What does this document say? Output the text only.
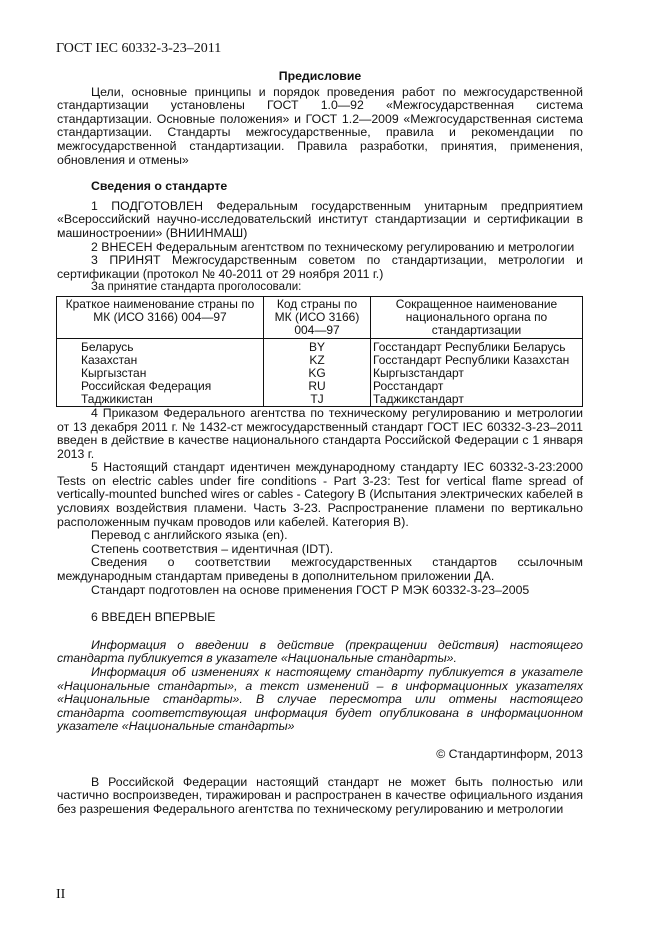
ГОСТ IEC 60332-3-23–2011
Предисловие

Цели, основные принципы и порядок проведения работ по межгосударственной стандартизации установлены ГОСТ 1.0—92 «Межгосударственная система стандартизации. Основные положения» и ГОСТ 1.2—2009 «Межгосударственная система стандартизации. Стандарты межгосударственные, правила и рекомендации по межгосударственной стандартизации. Правила разработки, принятия, применения, обновления и отмены»

Сведения о стандарте

1 ПОДГОТОВЛЕН Федеральным государственным унитарным предприятием «Всероссийский научно-исследовательский институт стандартизации и сертификации в машиностроении» (ВНИИНМАШ)

2 ВНЕСЕН Федеральным агентством по техническому регулированию и метрологии

3 ПРИНЯТ Межгосударственным советом по стандартизации, метрологии и сертификации (протокол № 40-2011 от 29 ноября 2011 г.)

За принятие стандарта проголосовали:

Краткое наименование страны по МК (ИСО 3166) 004—97	Код страны по МК (ИСО 3166) 004—97	Сокращенное наименование национального органа по стандартизации
Беларусь	BY	Госстандарт Республики Беларусь
Казахстан	KZ	Госстандарт Республики Казахстан
Кыргызстан	KG	Кыргызстандарт
Российская Федерация	RU	Росстандарт
Таджикистан	TJ	Таджикстандарт

4 Приказом Федерального агентства по техническому регулированию и метрологии от 13 декабря 2011 г. № 1432-ст межгосударственный стандарт ГОСТ IEC 60332-3-23–2011 введен в действие в качестве национального стандарта Российской Федерации с 1 января 2013 г.

5 Настоящий стандарт идентичен международному стандарту IEC 60332-3-23:2000 Tests on electric cables under fire conditions - Part 3-23: Test for vertical flame spread of vertically-mounted bunched wires or cables - Category B (Испытания электрических кабелей в условиях воздействия пламени. Часть 3-23. Распространение пламени по вертикально расположенным пучкам проводов или кабелей. Категория В).

Перевод с английского языка (en).

Степень соответствия – идентичная (IDT).

Сведения о соответствии межгосударственных стандартов ссылочным международным стандартам приведены в дополнительном приложении ДА.

Стандарт подготовлен на основе применения ГОСТ Р МЭК 60332-3-23–2005

6 ВВЕДЕН ВПЕРВЫЕ

Информация о введении в действие (прекращении действия) настоящего стандарта публикуется в указателе «Национальные стандарты».

Информация об изменениях к настоящему стандарту публикуется в указателе «Национальные стандарты», а текст изменений – в информационных указателях «Национальные стандарты». В случае пересмотра или отмены настоящего стандарта соответствующая информация будет опубликована в информационном указателе «Национальные стандарты»

© Стандартинформ, 2013

В Российской Федерации настоящий стандарт не может быть полностью или частично воспроизведен, тиражирован и распространен в качестве официального издания без разрешения Федерального агентства по техническому регулированию и метрологии

II
